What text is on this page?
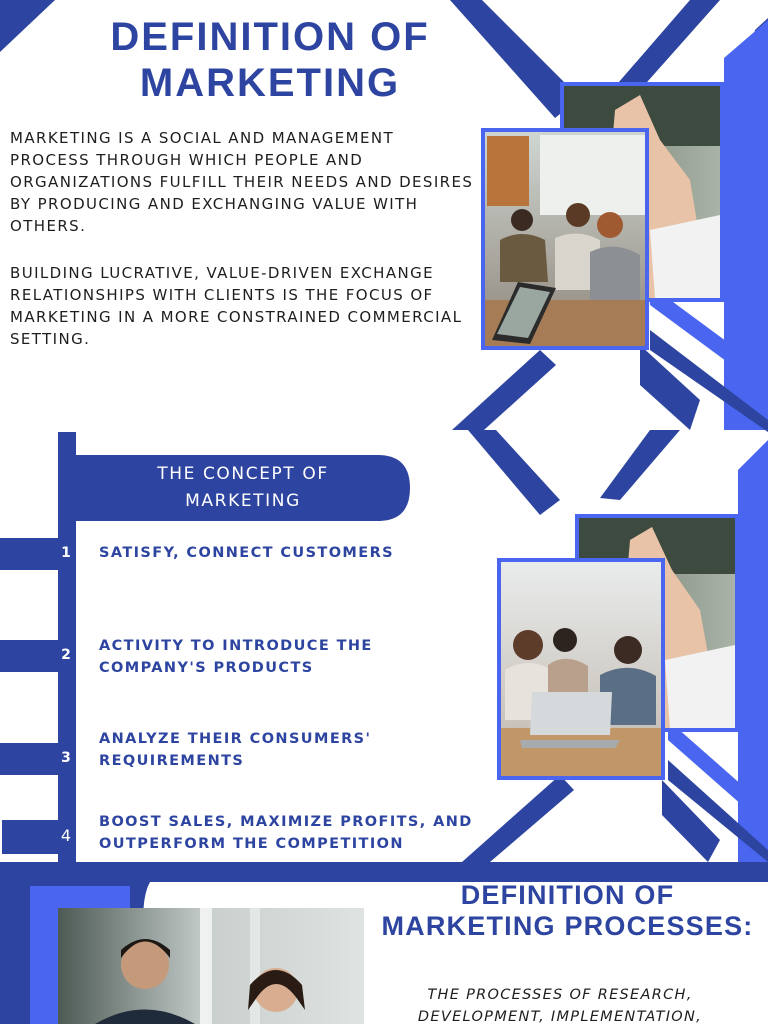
DEFINITION OF
MARKETING

MARKETING IS A SOCIAL AND MANAGEMENT PROCESS THROUGH WHICH PEOPLE AND ORGANIZATIONS FULFILL THEIR NEEDS AND DESIRES BY PRODUCING AND EXCHANGING VALUE WITH OTHERS.

BUILDING LUCRATIVE, VALUE-DRIVEN EXCHANGE RELATIONSHIPS WITH CLIENTS IS THE FOCUS OF MARKETING IN A MORE CONSTRAINED COMMERCIAL SETTING.

THE CONCEPT OF
MARKETING
1
2
3
4
SATISFY, CONNECT CUSTOMERS
ACTIVITY TO INTRODUCE THE
COMPANY'S PRODUCTS
ANALYZE THEIR CONSUMERS'
REQUIREMENTS
BOOST SALES, MAXIMIZE PROFITS, AND
OUTPERFORM THE COMPETITION
DEFINITION OF
MARKETING PROCESSES:
THE PROCESSES OF RESEARCH,
DEVELOPMENT, IMPLEMENTATION,
